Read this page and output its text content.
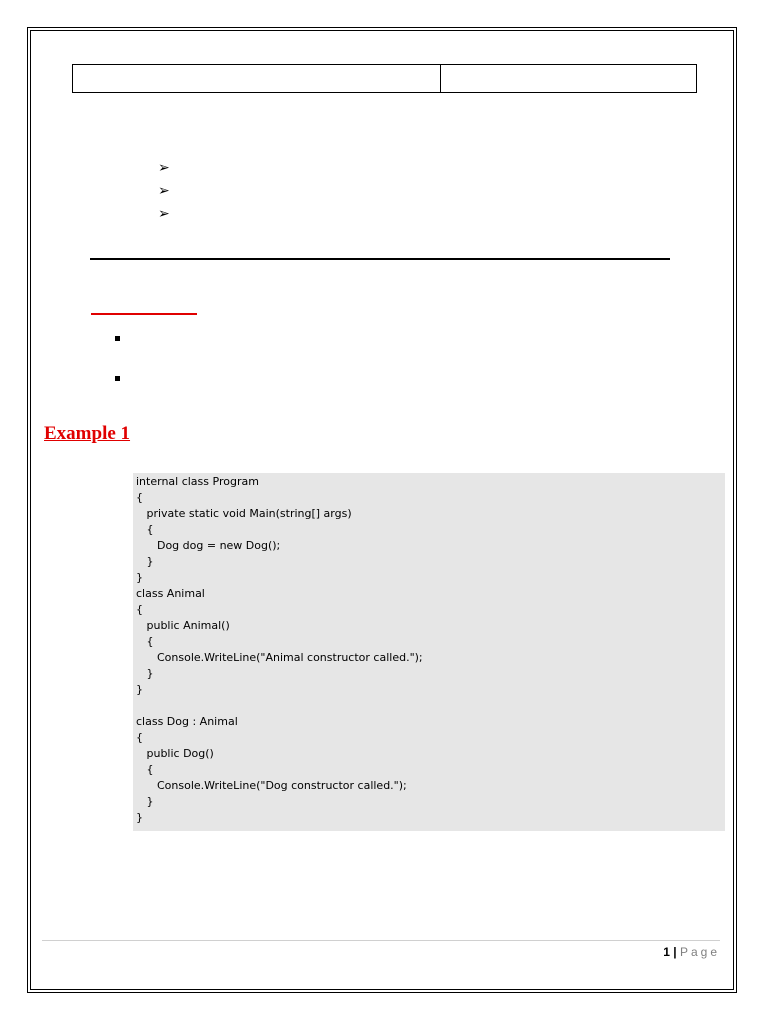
➢
➢
➢
Example 1
internal class Program
{
private static void Main(string[] args)
{
Dog dog = new Dog();
}
}
class Animal
{
public Animal()
{
Console.WriteLine("Animal constructor called.");
}
}
class Dog : Animal
{
public Dog()
{
Console.WriteLine("Dog constructor called.");
}
}
1 | Page
